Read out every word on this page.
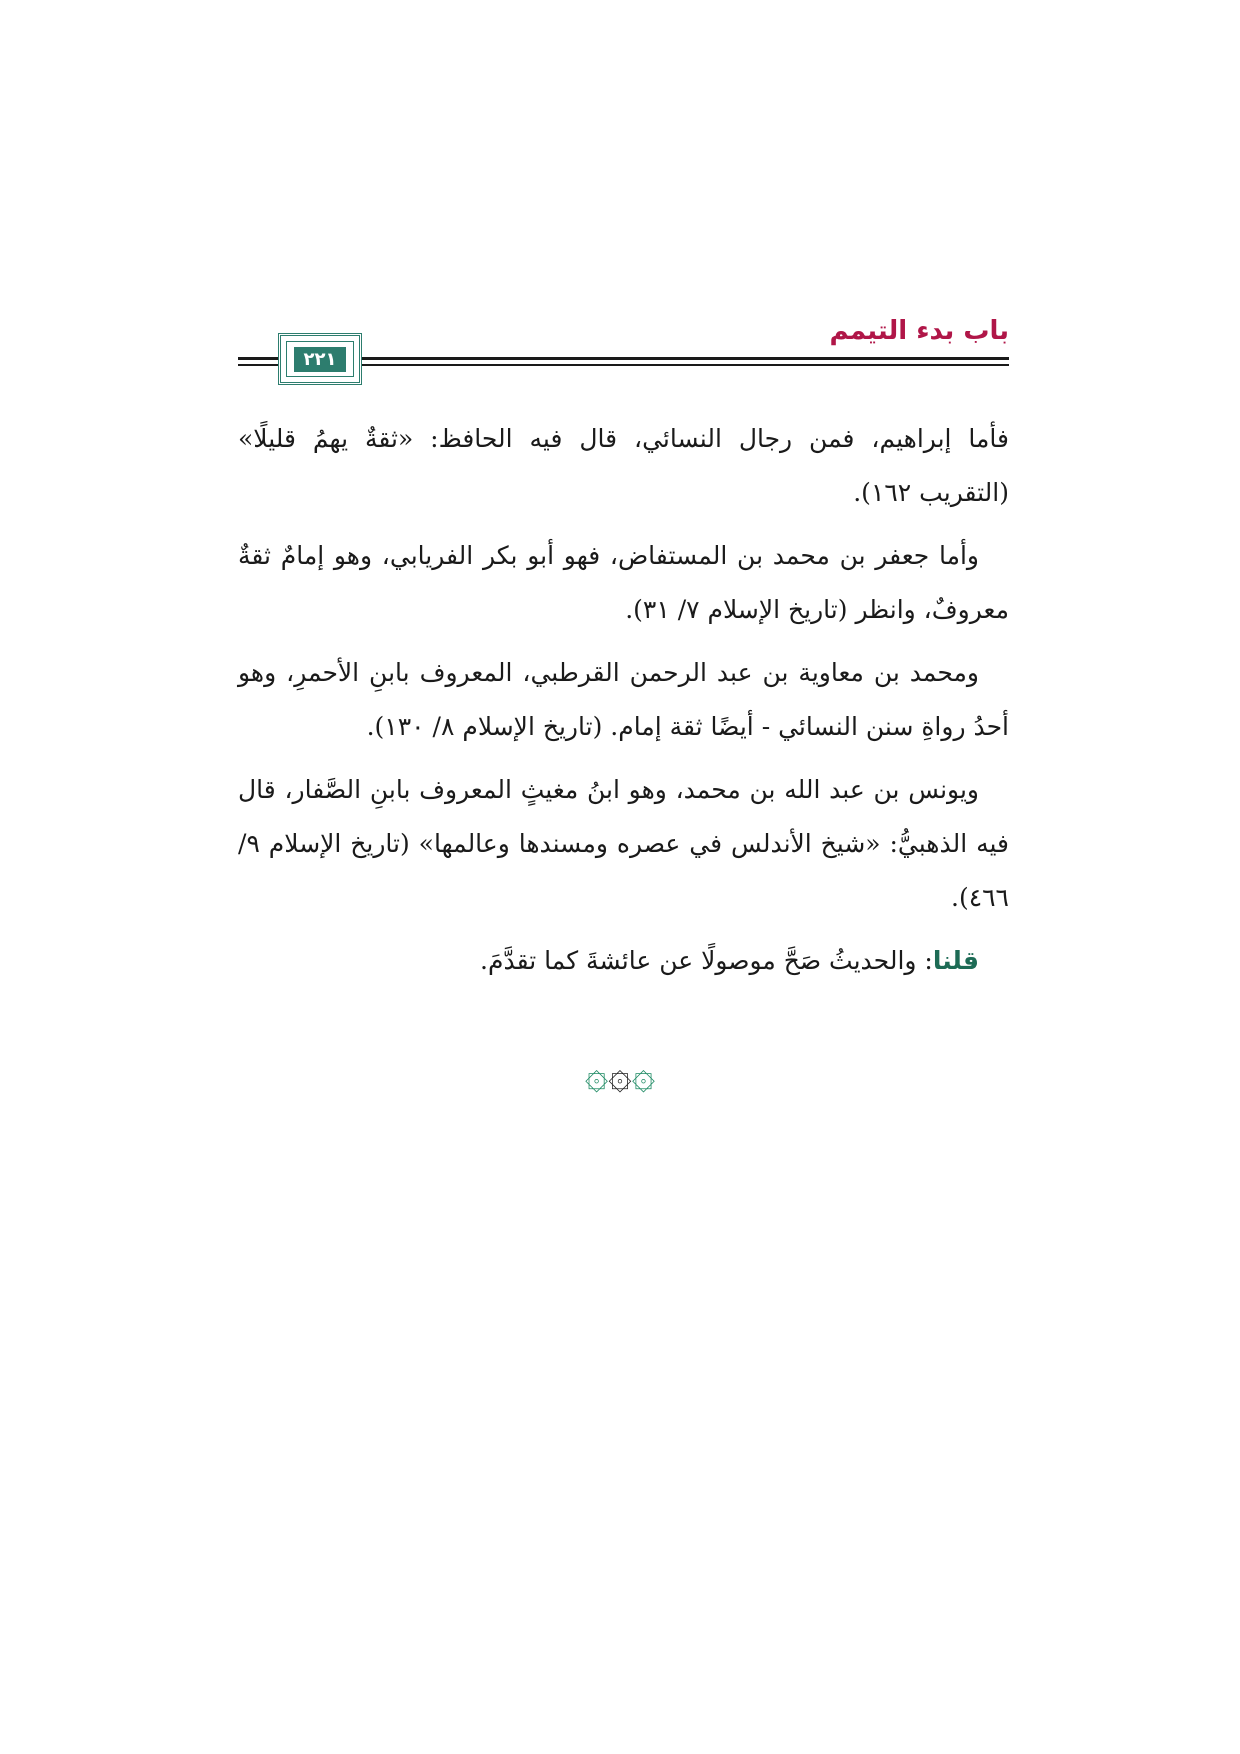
باب بدء التيمم
٢٢١

فأما إبراهيم، فمن رجال النسائي، قال فيه الحافظ: «ثقةٌ يهمُ قليلًا» (التقريب ١٦٢).

وأما جعفر بن محمد بن المستفاض، فهو أبو بكر الفريابي، وهو إمامٌ ثقةٌ معروفٌ، وانظر (تاريخ الإسلام ٧/ ٣١).

ومحمد بن معاوية بن عبد الرحمن القرطبي، المعروف بابنِ الأحمرِ، وهو أحدُ رواةِ سنن النسائي - أيضًا ثقة إمام. (تاريخ الإسلام ٨/ ١٣٠).

ويونس بن عبد الله بن محمد، وهو ابنُ مغيثٍ المعروف بابنِ الصَّفار، قال فيه الذهبيُّ: «شيخ الأندلس في عصره ومسندها وعالمها» (تاريخ الإسلام ٩/ ٤٦٦).

قلنا: والحديثُ صَحَّ موصولًا عن عائشةَ كما تقدَّمَ.

۞۞۞
